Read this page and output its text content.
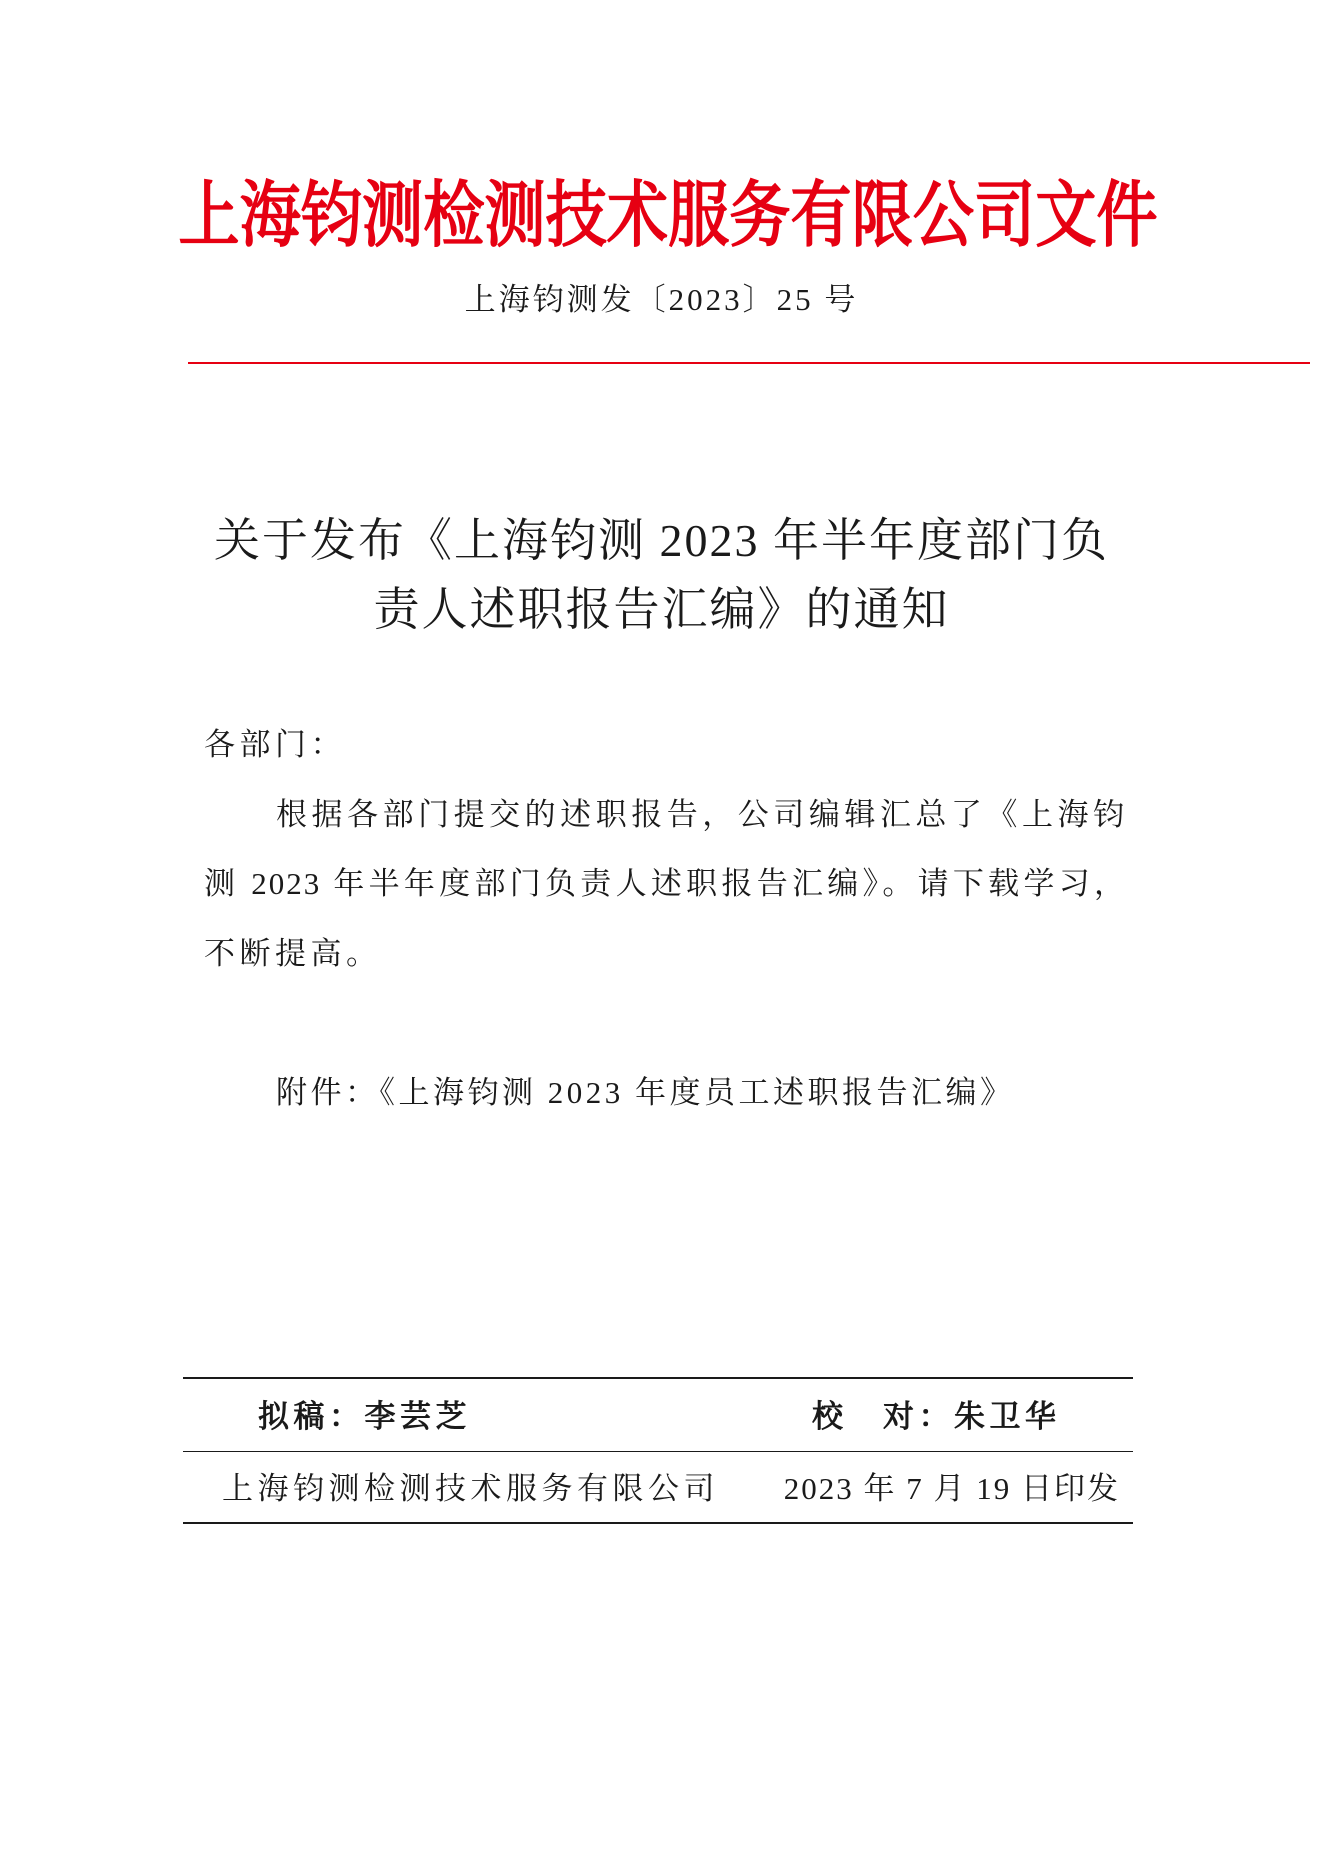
上海钧测检测技术服务有限公司文件
上海钧测发〔2023〕25 号
关于发布《上海钧测 2023 年半年度部门负
责人述职报告汇编》的通知
各部门：
根据各部门提交的述职报告，公司编辑汇总了《上海钧
测 2023 年半年度部门负责人述职报告汇编》。请下载学习，
不断提高。
附件：《上海钧测 2023 年度员工述职报告汇编》
拟稿：李芸芝	校　对：朱卫华
上海钧测检测技术服务有限公司 2023 年 7 月 19 日印发
